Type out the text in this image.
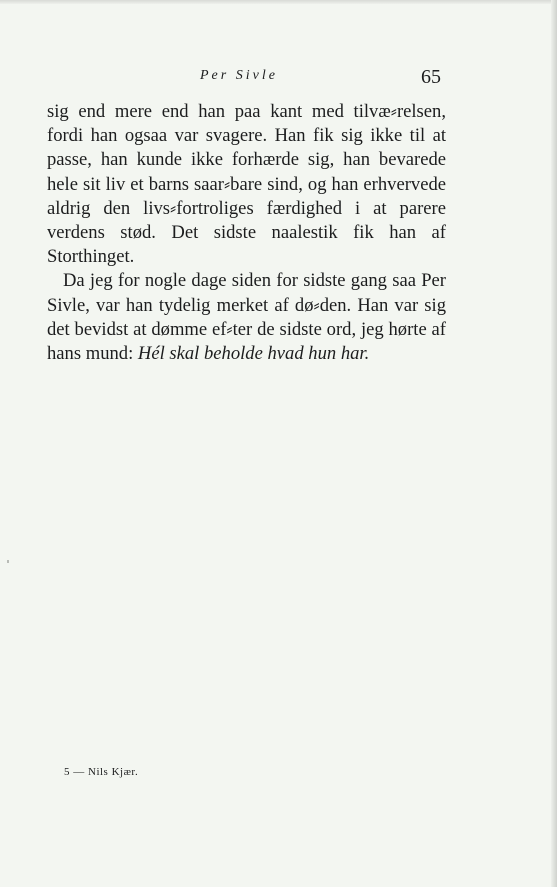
Per Sivle	65

sig end mere end han paa kant med tilvæ⸗relsen, fordi han ogsaa var svagere. Han fik sig ikke til at passe, han kunde ikke forhærde sig, han bevarede hele sit liv et barns saar⸗bare sind, og han erhvervede aldrig den livs⸗fortroliges færdighed i at parere verdens stød. Det sidste naalestik fik han af Storthinget.

Da jeg for nogle dage siden for sidste gang saa Per Sivle, var han tydelig merket af dø⸗den. Han var sig det bevidst at dømme ef⸗ter de sidste ord, jeg hørte af hans mund: Hél skal beholde hvad hun har.

5 — Nils Kjær.
